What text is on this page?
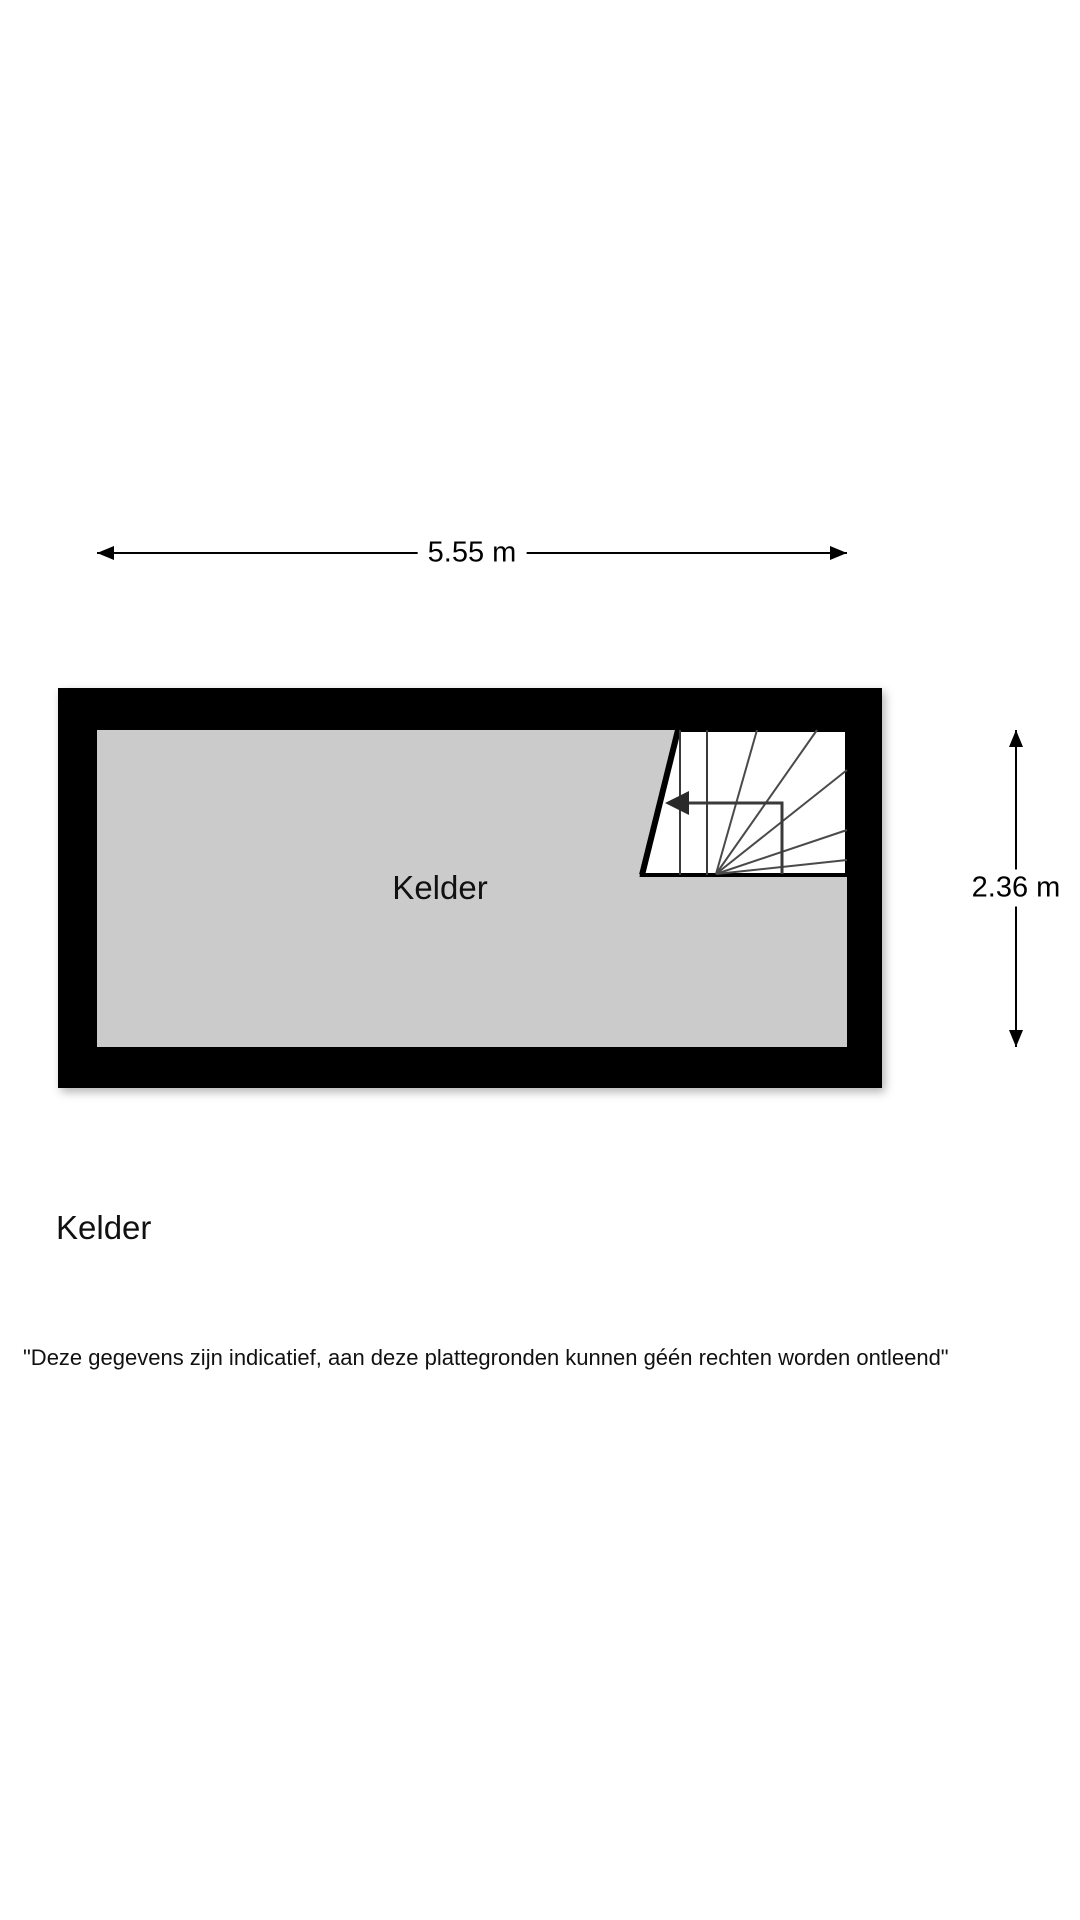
5.55 m
2.36 m
Kelder
Kelder
"Deze gegevens zijn indicatief, aan deze plattegronden kunnen géén rechten worden ontleend"
